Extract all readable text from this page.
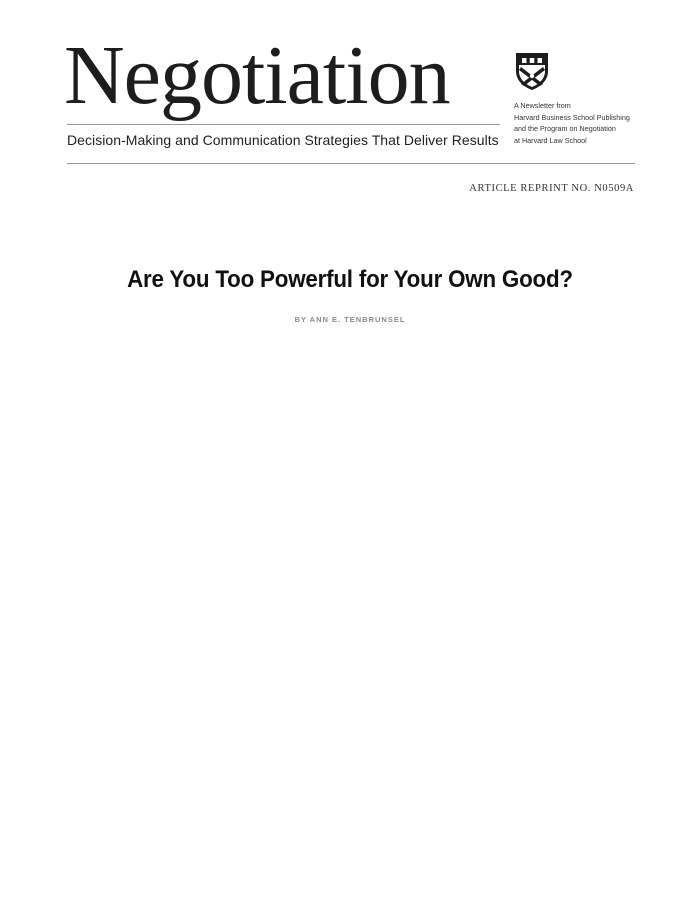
Negotiation
Decision-Making and Communication Strategies That Deliver Results
A Newsletter from
Harvard Business School Publishing
and the Program on Negotiation
at Harvard Law School
ARTICLE REPRINT NO. N0509A
Are You Too Powerful for Your Own Good?
BY ANN E. TENBRUNSEL
